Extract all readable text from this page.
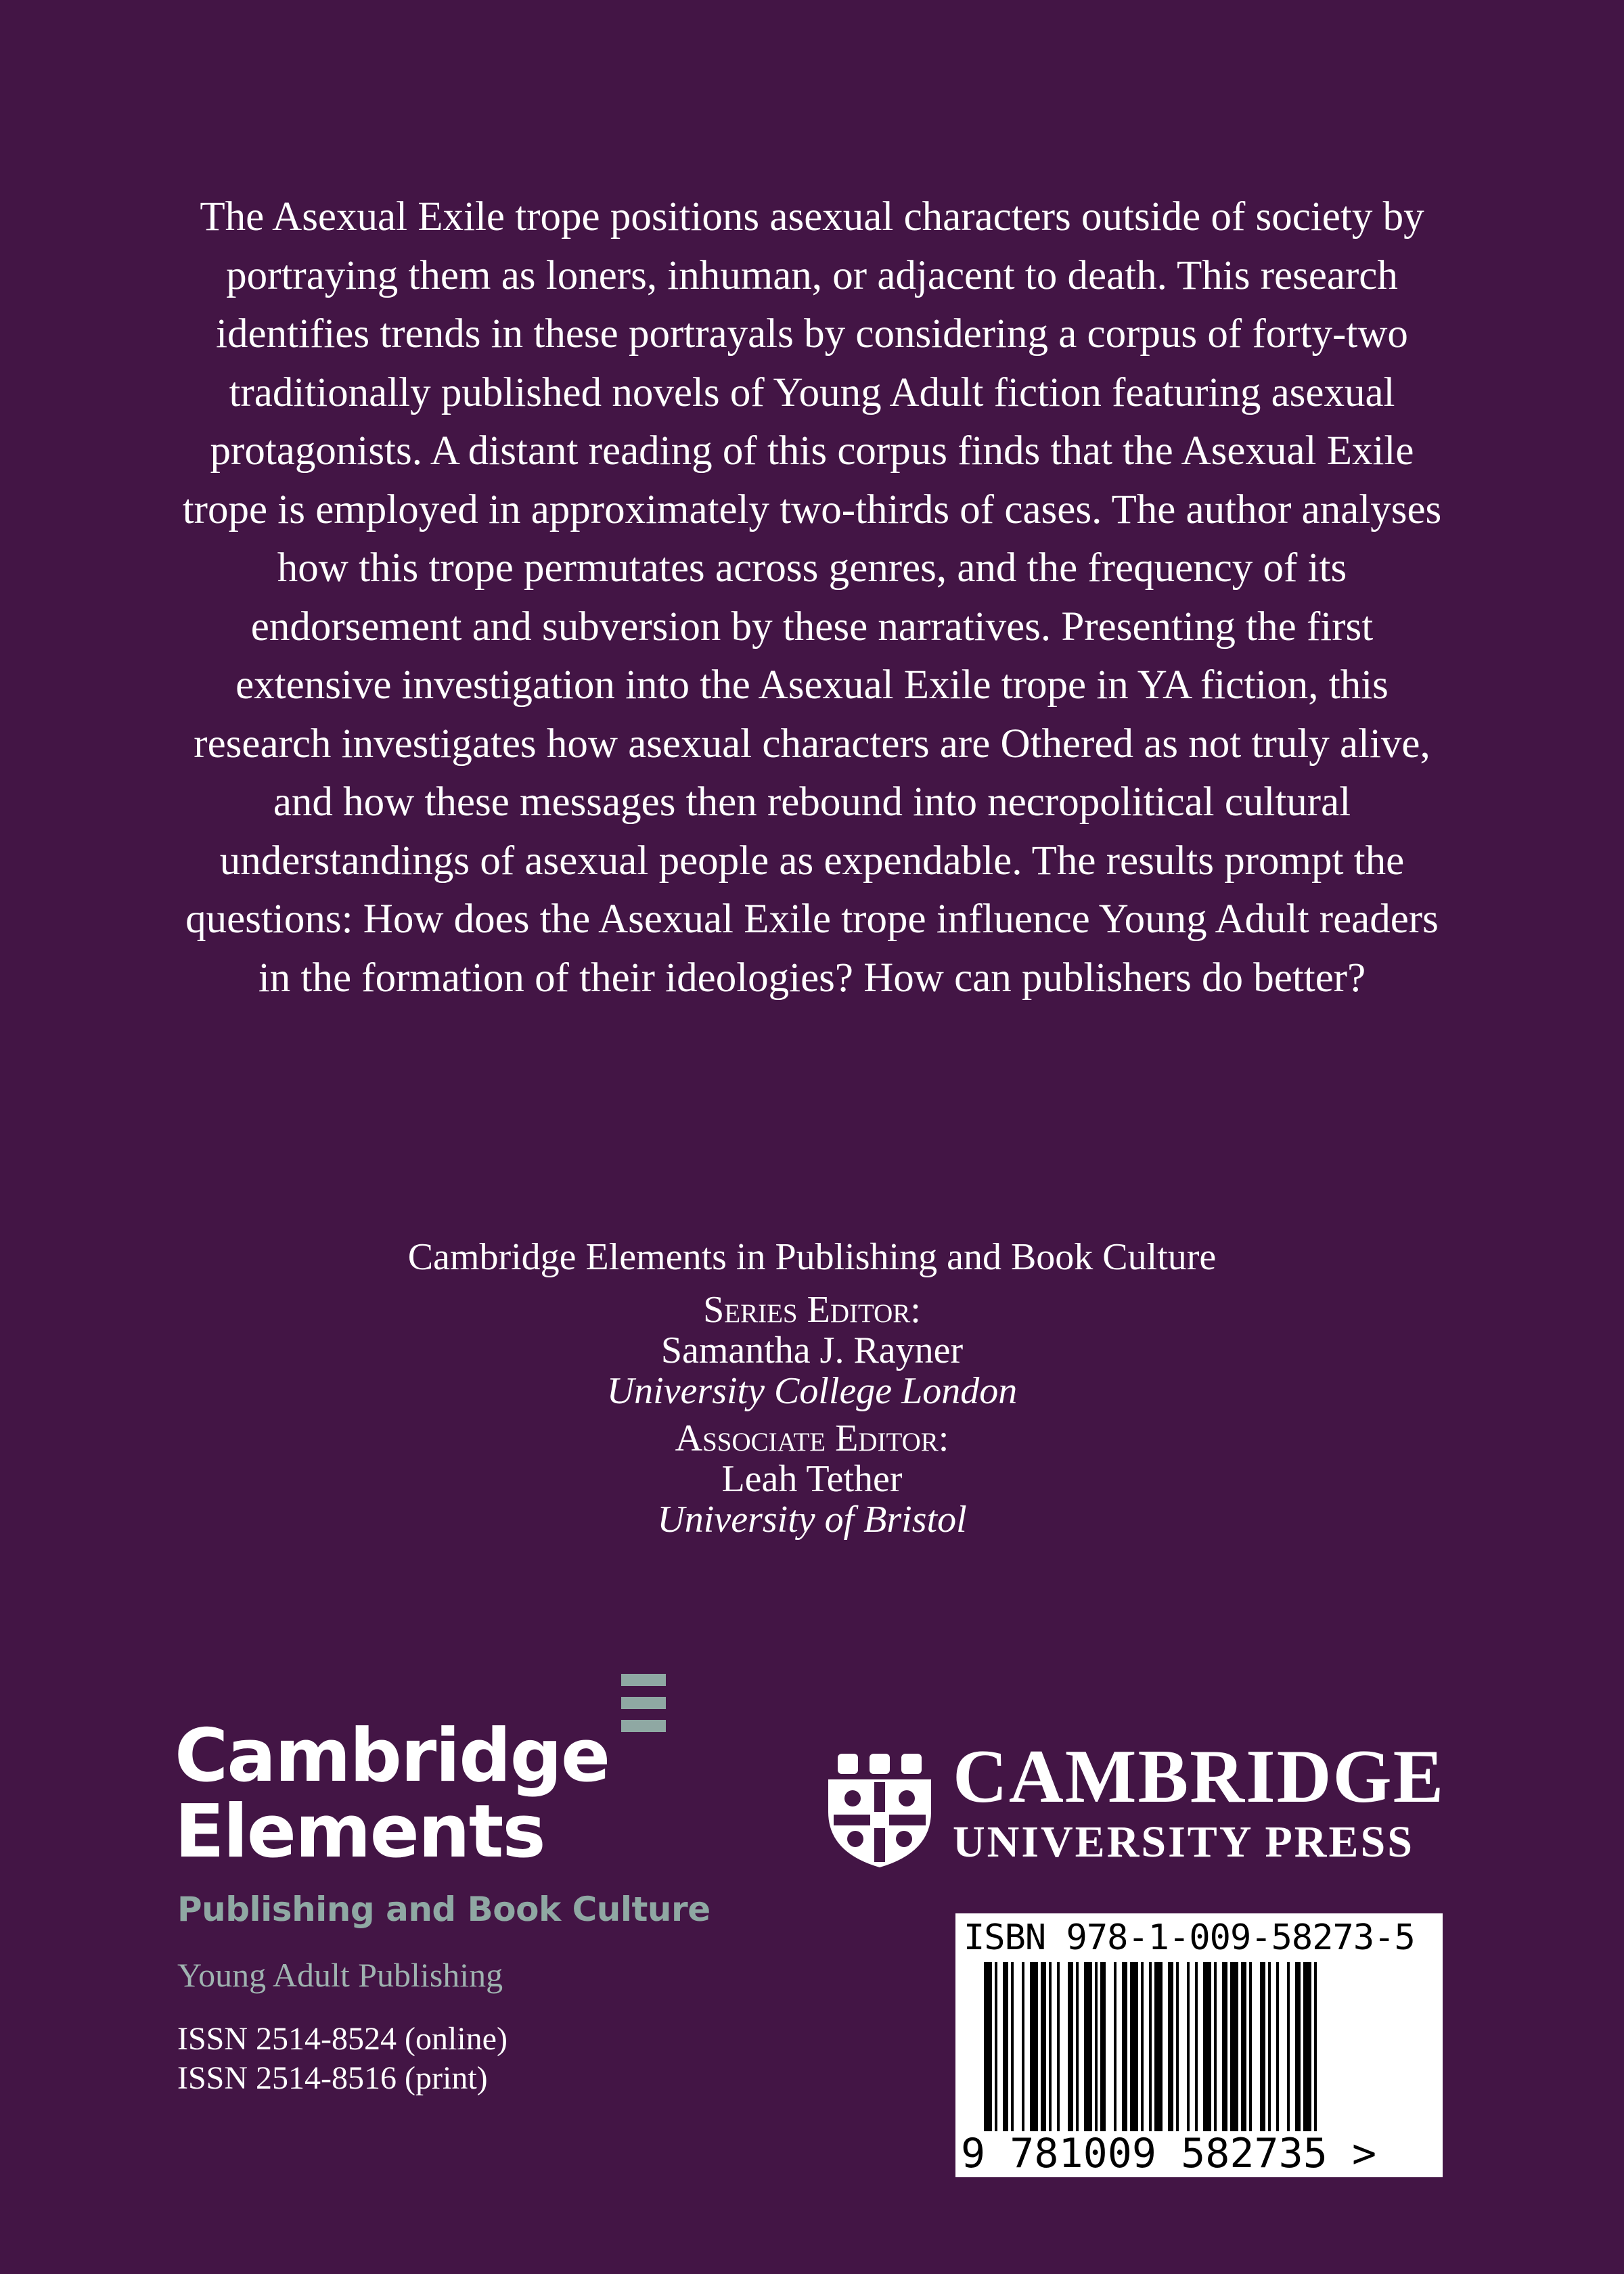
The Asexual Exile trope positions asexual characters outside of society by portraying them as loners, inhuman, or adjacent to death. This research identifies trends in these portrayals by considering a corpus of forty-two traditionally published novels of Young Adult fiction featuring asexual protagonists. A distant reading of this corpus finds that the Asexual Exile trope is employed in approximately two-thirds of cases. The author analyses how this trope permutates across genres, and the frequency of its endorsement and subversion by these narratives. Presenting the first extensive investigation into the Asexual Exile trope in YA fiction, this research investigates how asexual characters are Othered as not truly alive, and how these messages then rebound into necropolitical cultural understandings of asexual people as expendable. The results prompt the questions: How does the Asexual Exile trope influence Young Adult readers in the formation of their ideologies? How can publishers do better?

Cambridge Elements in Publishing and Book Culture
Series Editor:
Samantha J. Rayner
University College London
Associate Editor:
Leah Tether
University of Bristol
Cambridge
Elements
Publishing and Book Culture
Young Adult Publishing
ISSN 2514-8524 (online)
ISSN 2514-8516 (print)
CAMBRIDGE
UNIVERSITY PRESS
ISBN 978-1-009-58273-5
9 781009 582735 >
